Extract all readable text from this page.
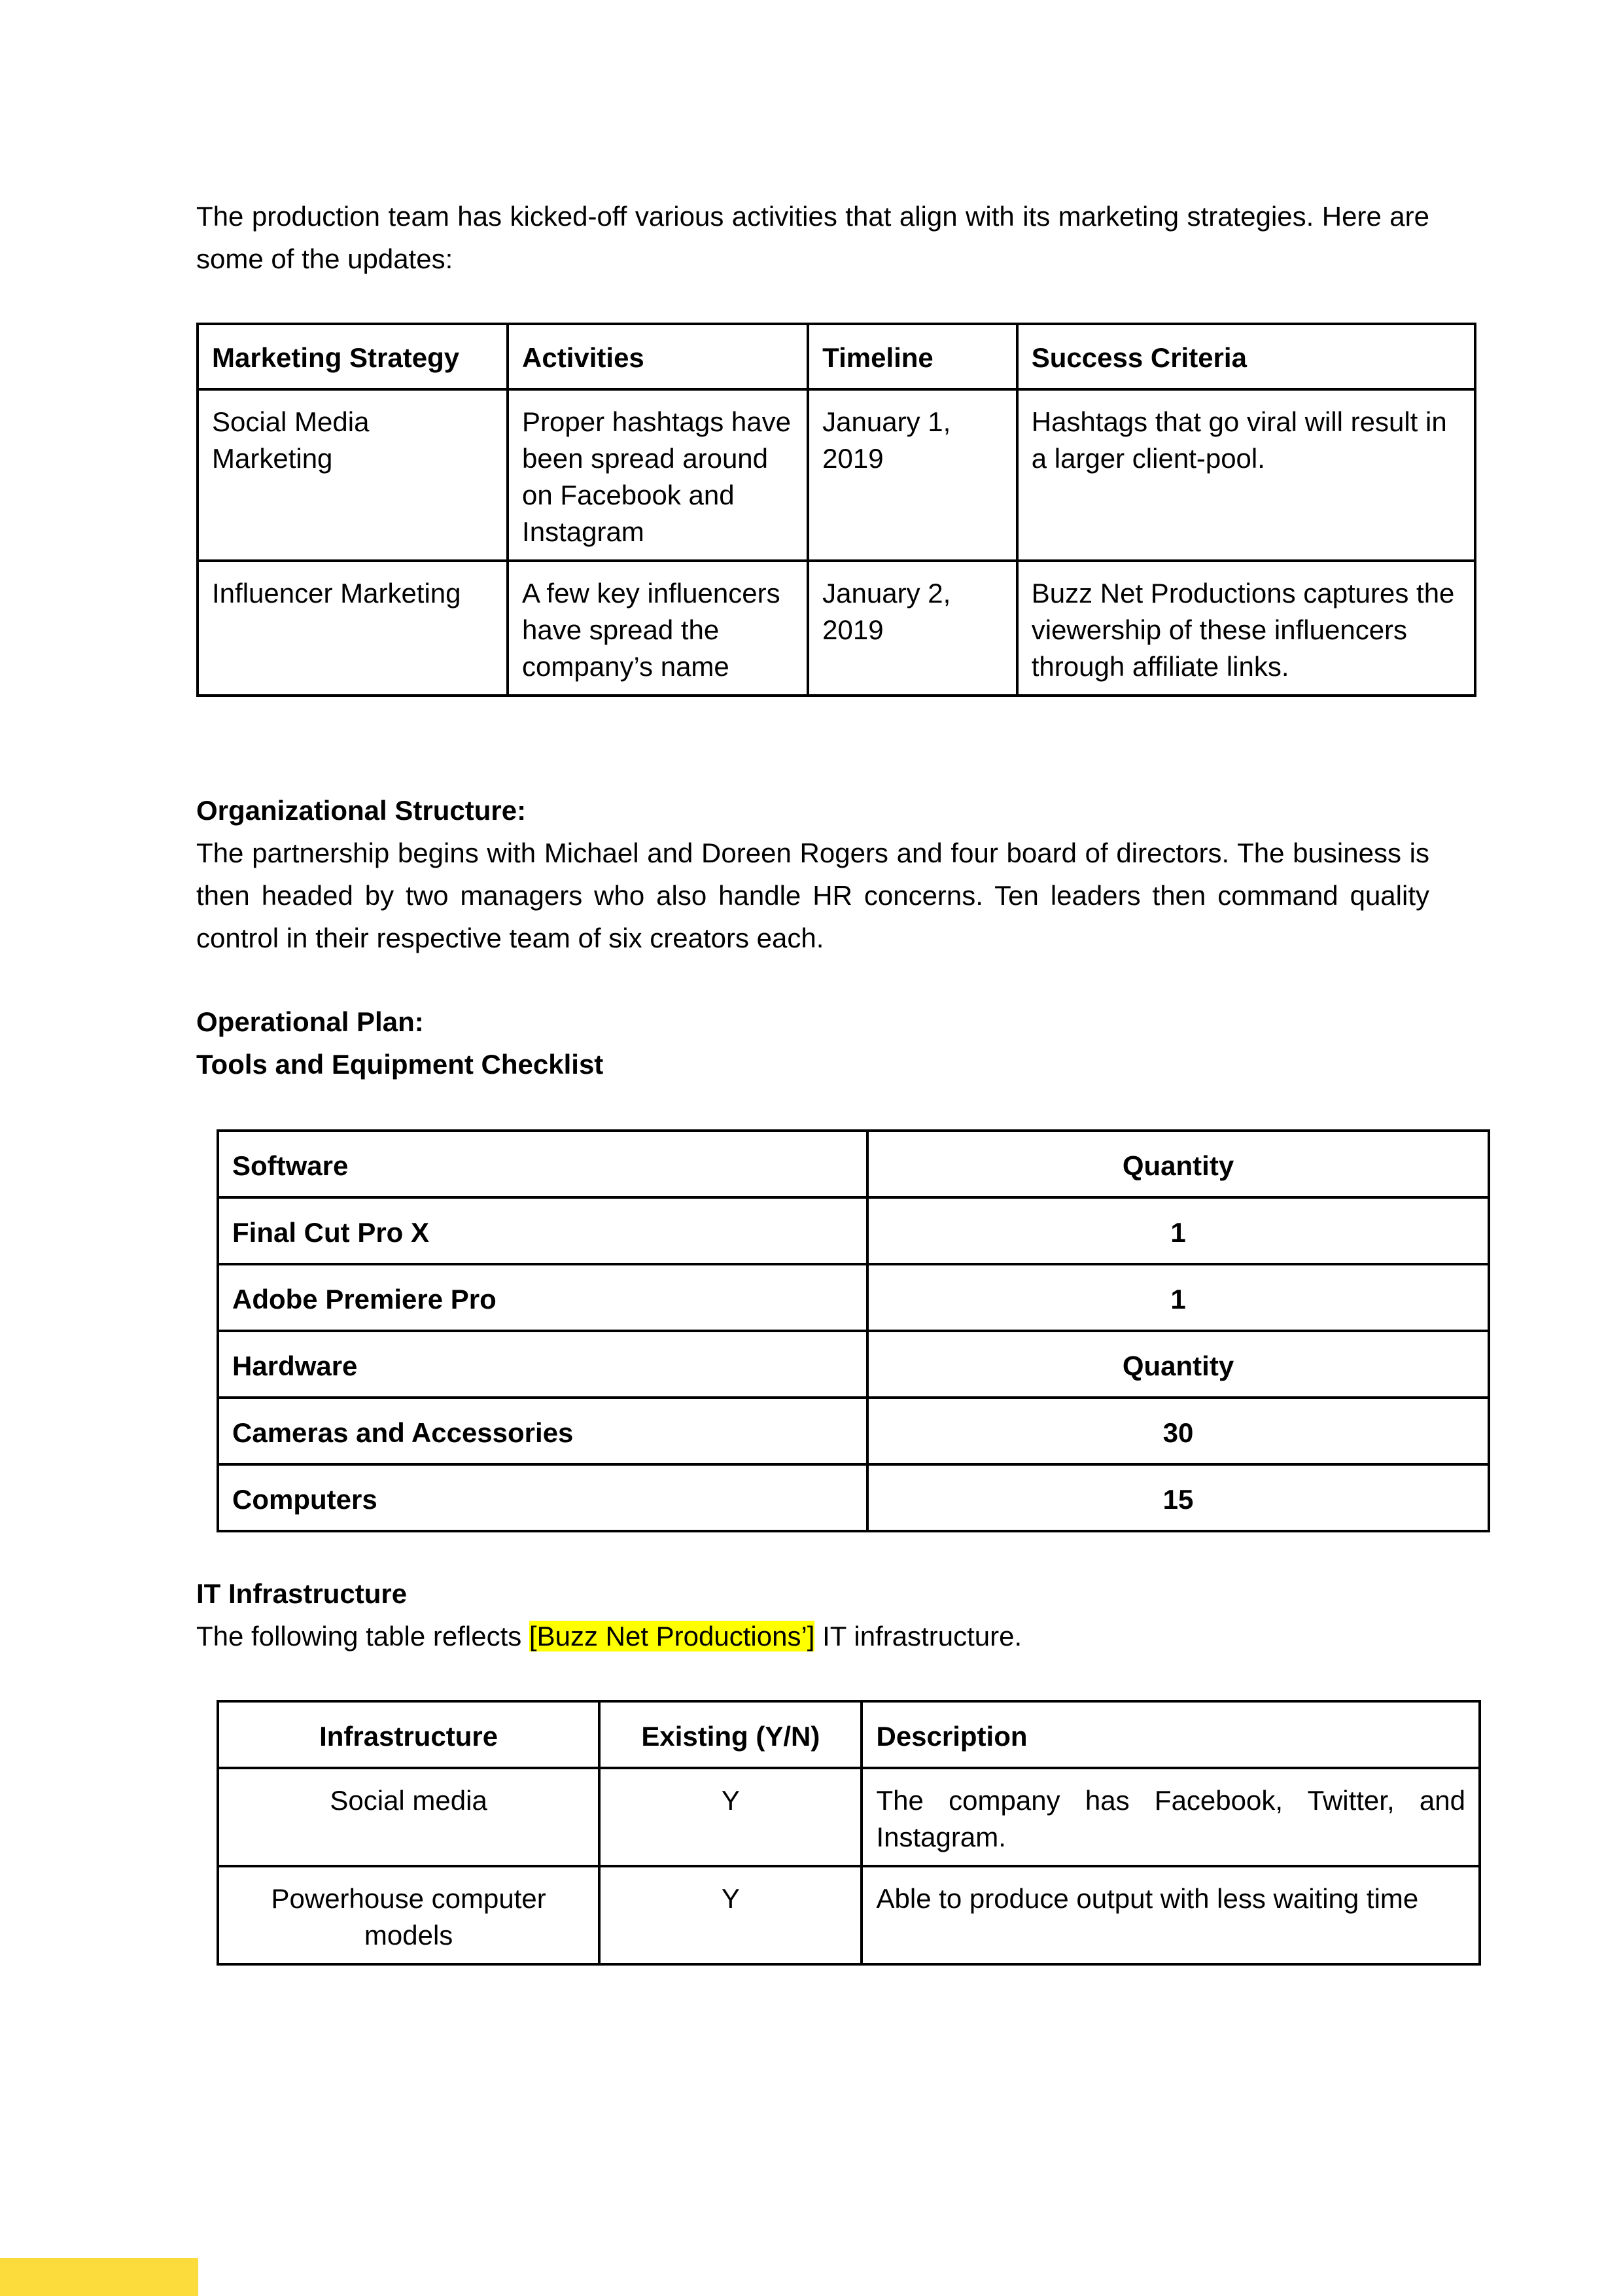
The production team has kicked-off various activities that align with its marketing strategies. Here are some of the updates:

Marketing Strategy	Activities	Timeline	Success Criteria
Social Media Marketing	Proper hashtags have been spread around on Facebook and Instagram	January 1, 2019	Hashtags that go viral will result in a larger client-pool.
Influencer Marketing	A few key influencers have spread the company’s name	January 2, 2019	Buzz Net Productions captures the viewership of these influencers through affiliate links.

Organizational Structure:

The partnership begins with Michael and Doreen Rogers and four board of directors. The business is then headed by two managers who also handle HR concerns. Ten leaders then command quality control in their respective team of six creators each.

Operational Plan:

Tools and Equipment Checklist

Software	Quantity
Final Cut Pro X	1
Adobe Premiere Pro	1
Hardware	Quantity
Cameras and Accessories	30
Computers	15

IT Infrastructure

The following table reflects [Buzz Net Productions’] IT infrastructure.

Infrastructure	Existing (Y/N)	Description
Social media	Y	The company has Facebook, Twitter, and Instagram.
Powerhouse computer models	Y	Able to produce output with less waiting time
